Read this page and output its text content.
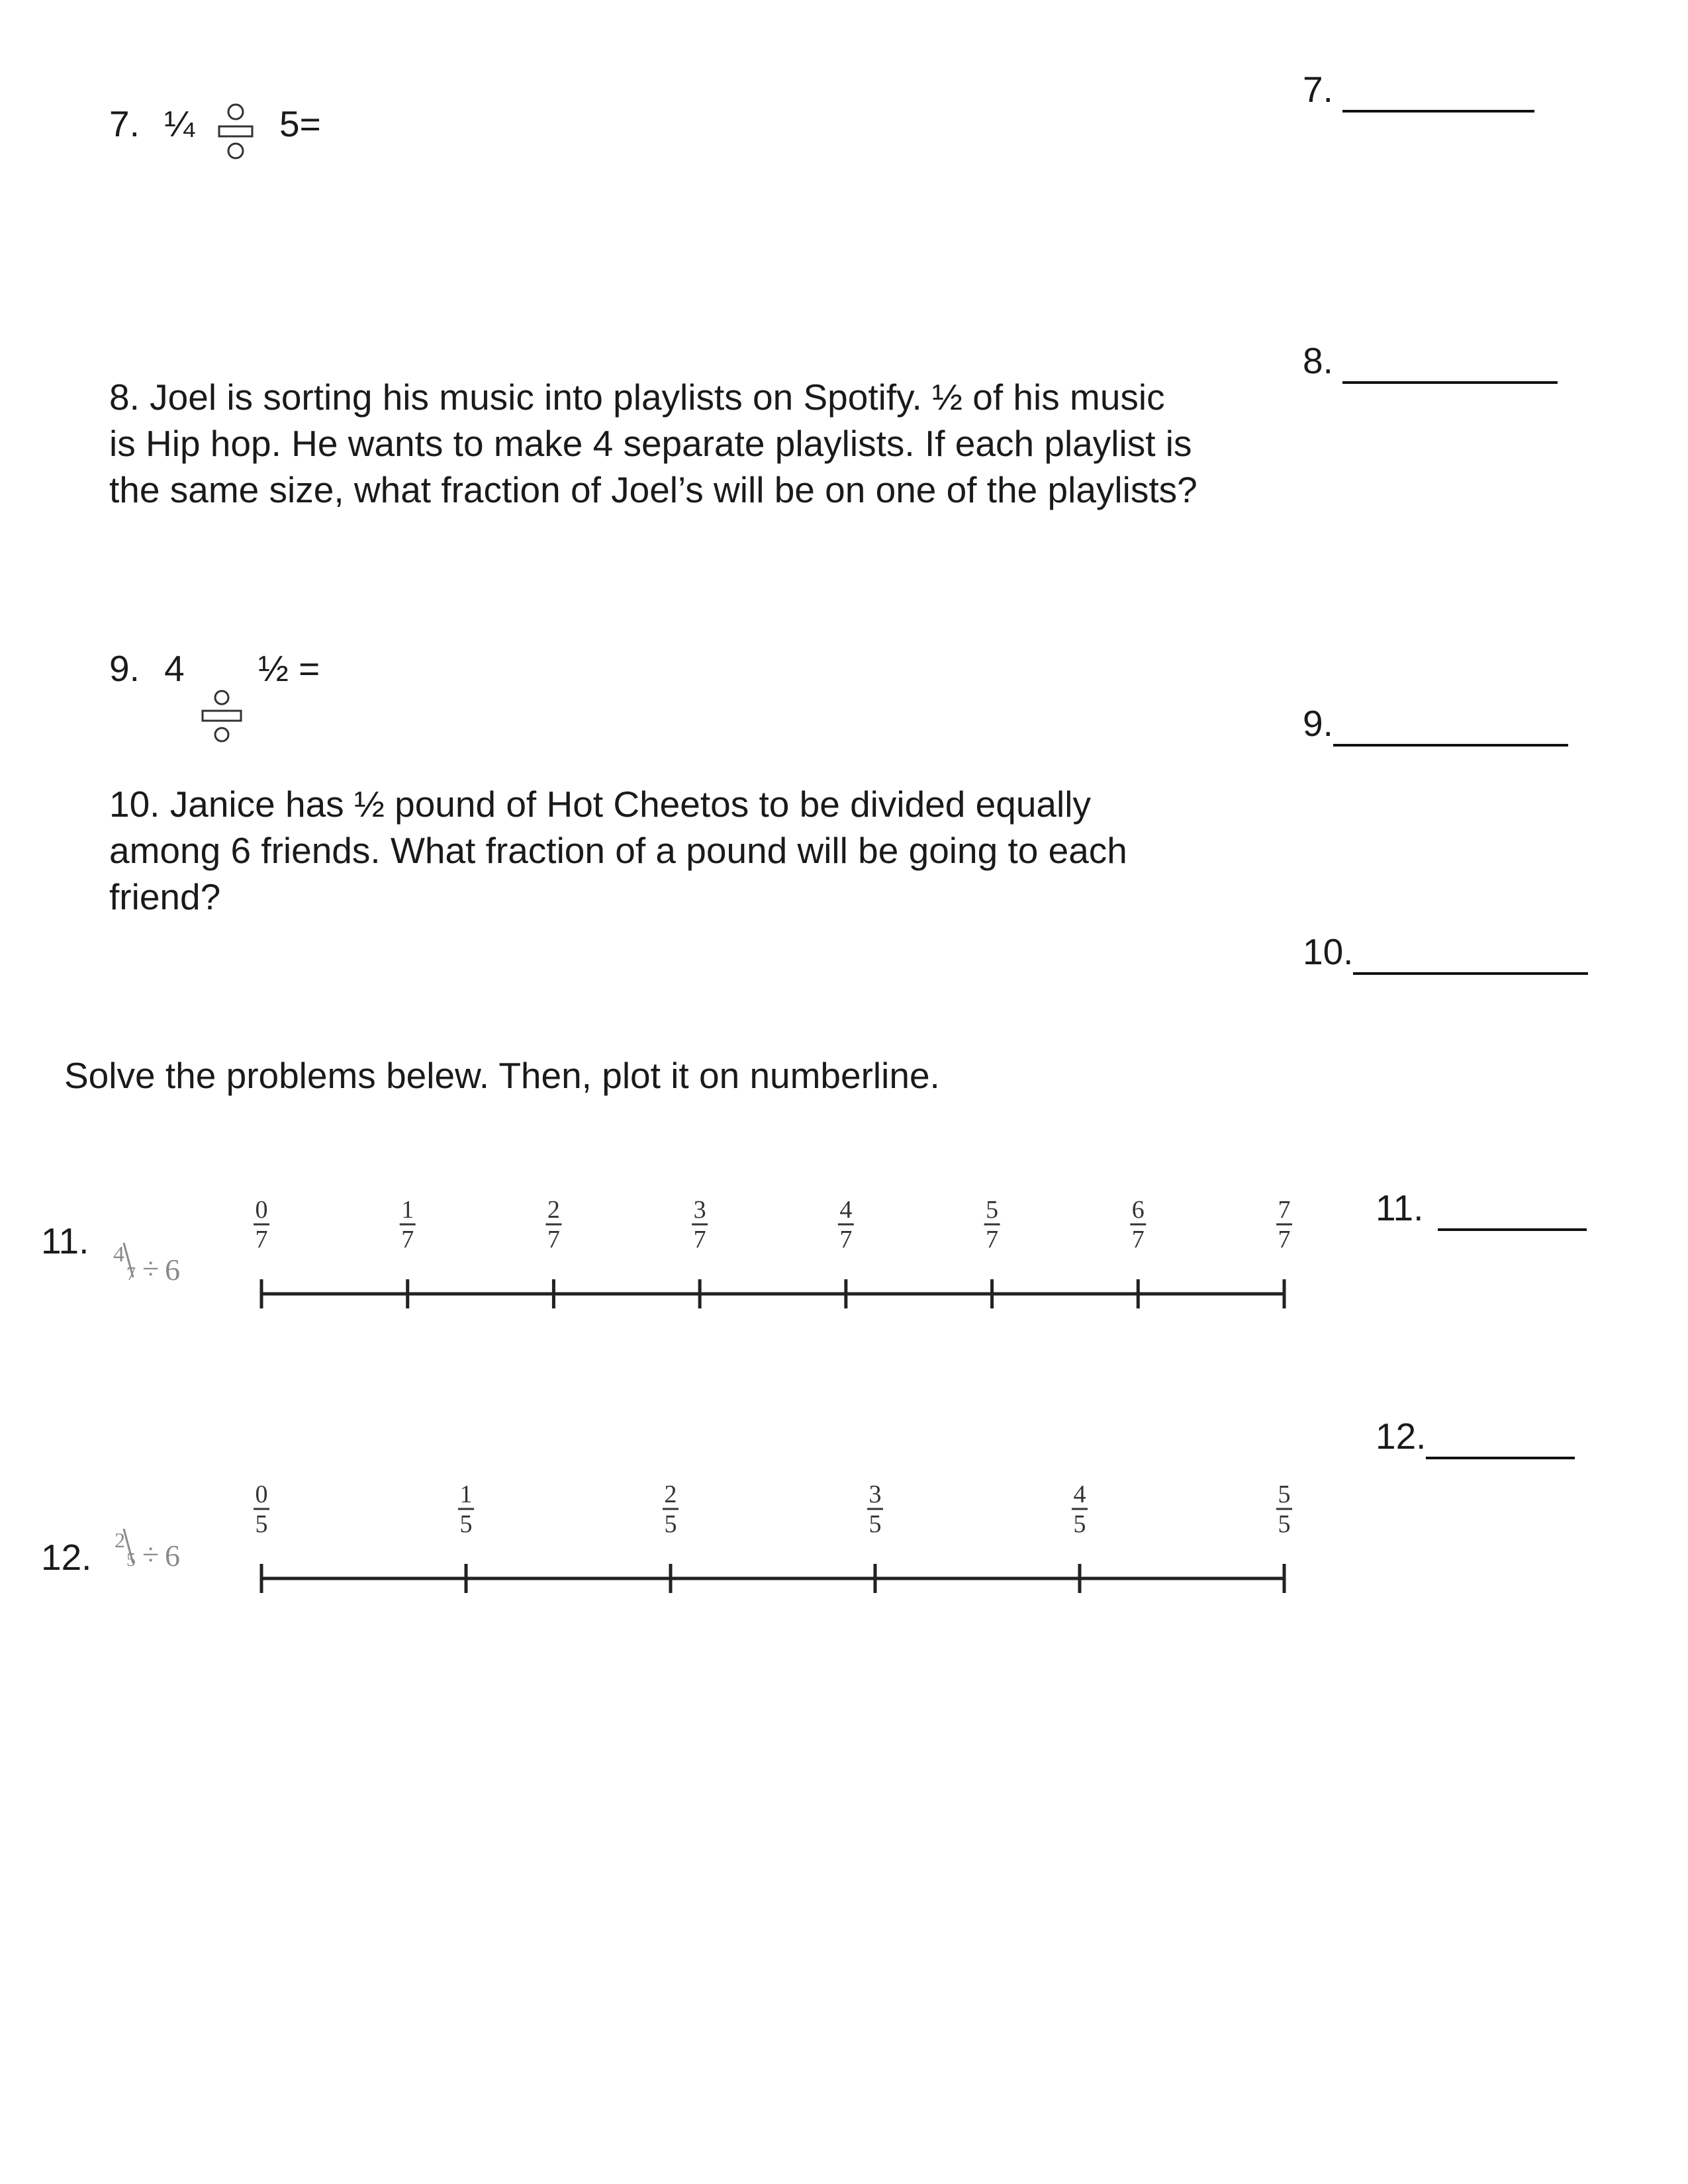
7. ¼ 5=
8. Joel is sorting his music into playlists on Spotify. ½ of his music
is Hip hop. He wants to make 4 separate playlists. If each playlist is
the same size, what fraction of Joel’s will be on one of the playlists?
9. 4 ½ =
10. Janice has ½ pound of Hot Cheetos to be divided equally
among 6 friends. What fraction of a pound will be going to each
friend?
7.
8.
9.
10.
Solve the problems belew. Then, plot it on numberline.
11. 4
7 ÷ 6
0
7
1
7
2
7
3
7
4
7
5
7
6
7
7
7
11.
12. 2
5 ÷ 6
0
5
1
5
2
5
3
5
4
5
5
5
12.
